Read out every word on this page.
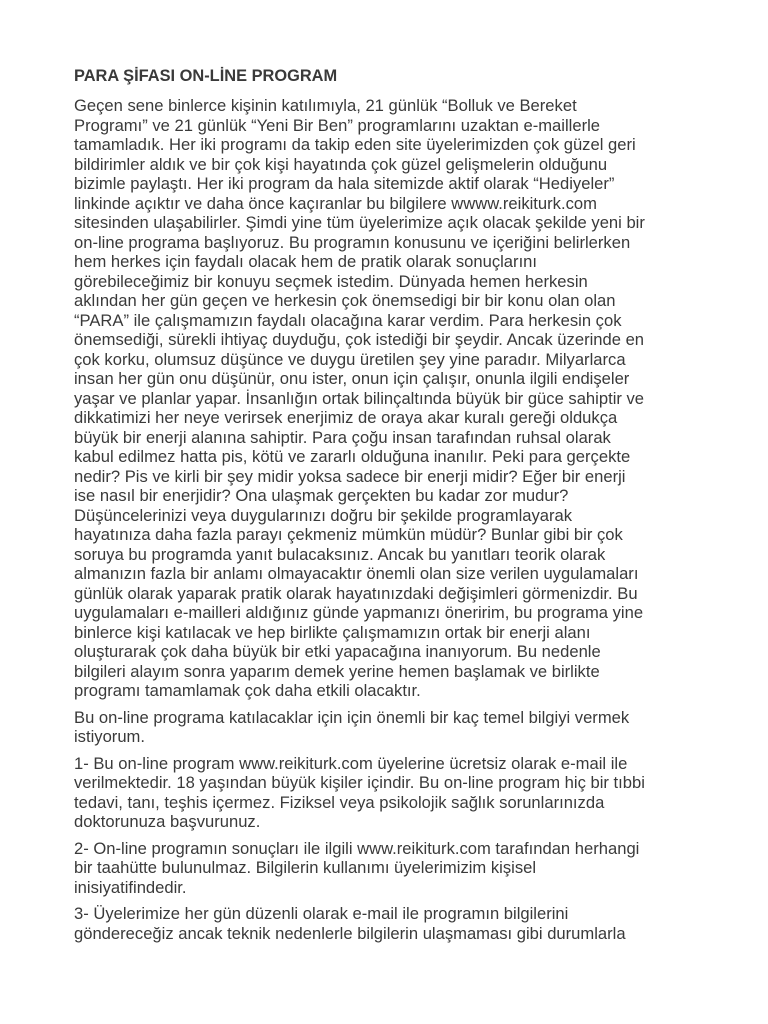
PARA ŞİFASI ON-LİNE PROGRAM
Geçen sene binlerce kişinin katılımıyla, 21 günlük “Bolluk ve Bereket
Programı” ve 21 günlük “Yeni Bir Ben” programlarını uzaktan e-maillerle
tamamladık. Her iki programı da takip eden site üyelerimizden çok güzel geri
bildirimler aldık ve bir çok kişi hayatında çok güzel gelişmelerin olduğunu
bizimle paylaştı. Her iki program da hala sitemizde aktif olarak “Hediyeler”
linkinde açıktır ve daha önce kaçıranlar bu bilgilere wwww.reikiturk.com
sitesinden ulaşabilirler. Şimdi yine tüm üyelerimize açık olacak şekilde yeni bir
on-line programa başlıyoruz. Bu programın konusunu ve içeriğini belirlerken
hem herkes için faydalı olacak hem de pratik olarak sonuçlarını
görebileceğimiz bir konuyu seçmek istedim. Dünyada hemen herkesin
aklından her gün geçen ve herkesin çok önemsedigi bir bir konu olan olan
“PARA” ile çalışmamızın faydalı olacağına karar verdim. Para herkesin çok
önemsediği, sürekli ihtiyaç duyduğu, çok istediği bir şeydir. Ancak üzerinde en
çok korku, olumsuz düşünce ve duygu üretilen şey yine paradır. Milyarlarca
insan her gün onu düşünür, onu ister, onun için çalışır, onunla ilgili endişeler
yaşar ve planlar yapar. İnsanlığın ortak bilinçaltında büyük bir güce sahiptir ve
dikkatimizi her neye verirsek enerjimiz de oraya akar kuralı gereği oldukça
büyük bir enerji alanına sahiptir. Para çoğu insan tarafından ruhsal olarak
kabul edilmez hatta pis, kötü ve zararlı olduğuna inanılır. Peki para gerçekte
nedir? Pis ve kirli bir şey midir yoksa sadece bir enerji midir? Eğer bir enerji
ise nasıl bir enerjidir? Ona ulaşmak gerçekten bu kadar zor mudur?
Düşüncelerinizi veya duygularınızı doğru bir şekilde programlayarak
hayatınıza daha fazla parayı çekmeniz mümkün müdür? Bunlar gibi bir çok
soruya bu programda yanıt bulacaksınız. Ancak bu yanıtları teorik olarak
almanızın fazla bir anlamı olmayacaktır önemli olan size verilen uygulamaları
günlük olarak yaparak pratik olarak hayatınızdaki değişimleri görmenizdir. Bu
uygulamaları e-mailleri aldığınız günde yapmanızı öneririm, bu programa yine
binlerce kişi katılacak ve hep birlikte çalışmamızın ortak bir enerji alanı
oluşturarak çok daha büyük bir etki yapacağına inanıyorum. Bu nedenle
bilgileri alayım sonra yaparım demek yerine hemen başlamak ve birlikte
programı tamamlamak çok daha etkili olacaktır.
Bu on-line programa katılacaklar için için önemli bir kaç temel bilgiyi vermek
istiyorum.
1- Bu on-line program www.reikiturk.com üyelerine ücretsiz olarak e-mail ile
verilmektedir. 18 yaşından büyük kişiler içindir. Bu on-line program hiç bir tıbbi
tedavi, tanı, teşhis içermez. Fiziksel veya psikolojik sağlık sorunlarınızda
doktorunuza başvurunuz.
2- On-line programın sonuçları ile ilgili www.reikiturk.com tarafından herhangi
bir taahütte bulunulmaz. Bilgilerin kullanımı üyelerimizim kişisel
inisiyatifindedir.
3- Üyelerimize her gün düzenli olarak e-mail ile programın bilgilerini
göndereceğiz ancak teknik nedenlerle bilgilerin ulaşmaması gibi durumlarla
